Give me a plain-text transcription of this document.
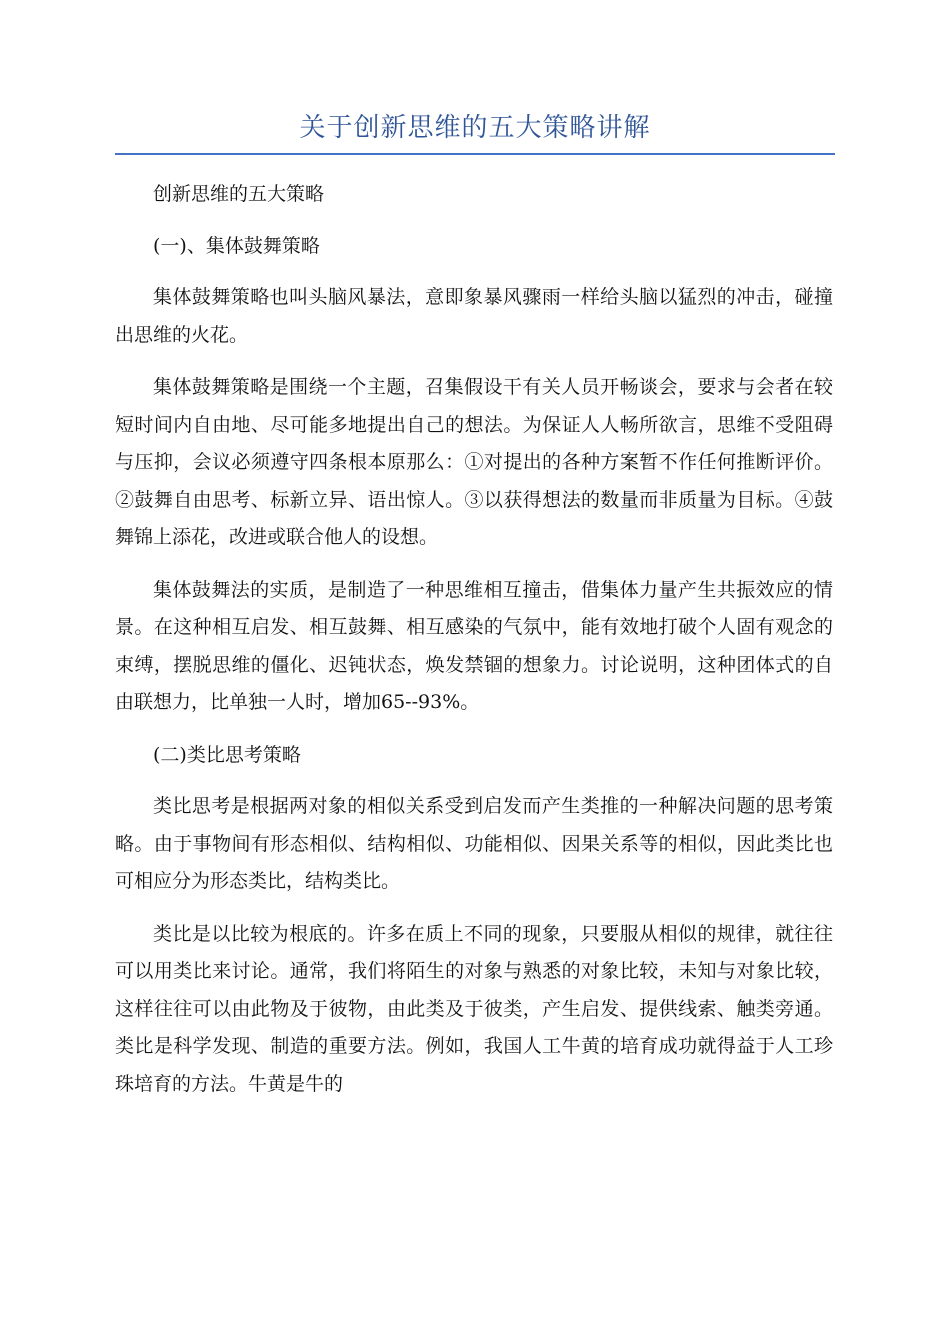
关于创新思维的五大策略讲解

创新思维的五大策略

(一)、集体鼓舞策略

集体鼓舞策略也叫头脑风暴法，意即象暴风骤雨一样给头脑以猛烈的冲击，碰撞出思维的火花。

集体鼓舞策略是围绕一个主题，召集假设干有关人员开畅谈会，要求与会者在较短时间内自由地、尽可能多地提出自己的想法。为保证人人畅所欲言，思维不受阻碍与压抑，会议必须遵守四条根本原那么：①对提出的各种方案暂不作任何推断评价。②鼓舞自由思考、标新立异、语出惊人。③以获得想法的数量而非质量为目标。④鼓舞锦上添花，改进或联合他人的设想。

集体鼓舞法的实质，是制造了一种思维相互撞击，借集体力量产生共振效应的情景。在这种相互启发、相互鼓舞、相互感染的气氛中，能有效地打破个人固有观念的束缚，摆脱思维的僵化、迟钝状态，焕发禁锢的想象力。讨论说明，这种团体式的自由联想力，比单独一人时，增加65--93%。

(二)类比思考策略

类比思考是根据两对象的相似关系受到启发而产生类推的一种解决问题的思考策略。由于事物间有形态相似、结构相似、功能相似、因果关系等的相似，因此类比也可相应分为形态类比，结构类比。

类比是以比较为根底的。许多在质上不同的现象，只要服从相似的规律，就往往可以用类比来讨论。通常，我们将陌生的对象与熟悉的对象比较，未知与对象比较，这样往往可以由此物及于彼物，由此类及于彼类，产生启发、提供线索、触类旁通。类比是科学发现、制造的重要方法。例如，我国人工牛黄的培育成功就得益于人工珍珠培育的方法。牛黄是牛的
